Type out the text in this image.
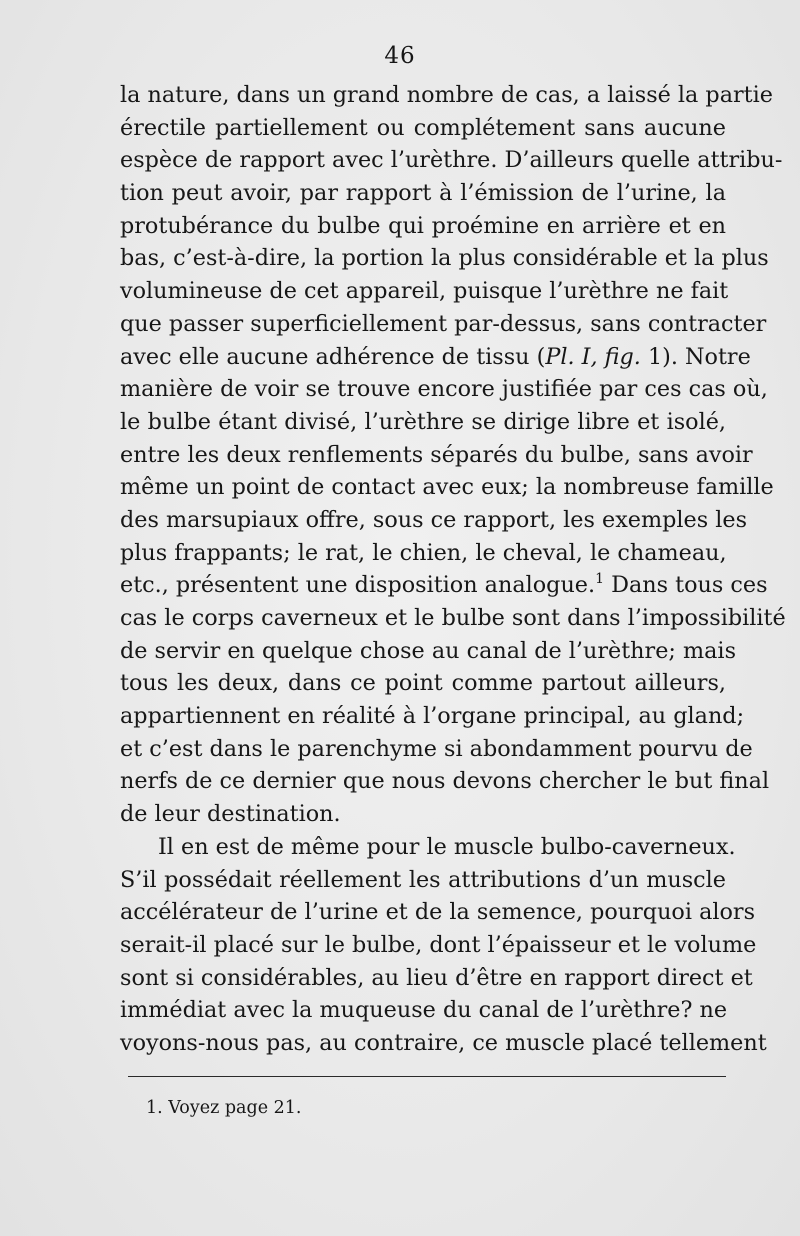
46

la nature, dans un grand nombre de cas, a laissé la partie
érectile partiellement ou complétement sans aucune
espèce de rapport avec l’urèthre. D’ailleurs quelle attribu-
tion peut avoir, par rapport à l’émission de l’urine, la
protubérance du bulbe qui proémine en arrière et en
bas, c’est-à-dire, la portion la plus considérable et la plus
volumineuse de cet appareil, puisque l’urèthre ne fait
que passer superficiellement par-dessus, sans contracter
avec elle aucune adhérence de tissu (Pl. I, fig. 1). Notre
manière de voir se trouve encore justifiée par ces cas où,
le bulbe étant divisé, l’urèthre se dirige libre et isolé,
entre les deux renflements séparés du bulbe, sans avoir
même un point de contact avec eux; la nombreuse famille
des marsupiaux offre, sous ce rapport, les exemples les
plus frappants; le rat, le chien, le cheval, le chameau,
etc., présentent une disposition analogue.$^1$ Dans tous ces
cas le corps caverneux et le bulbe sont dans l’impossibilité
de servir en quelque chose au canal de l’urèthre; mais
tous les deux, dans ce point comme partout ailleurs,
appartiennent en réalité à l’organe principal, au gland;
et c’est dans le parenchyme si abondamment pourvu de
nerfs de ce dernier que nous devons chercher le but final
de leur destination.

Il en est de même pour le muscle bulbo-caverneux.
S’il possédait réellement les attributions d’un muscle
accélérateur de l’urine et de la semence, pourquoi alors
serait-il placé sur le bulbe, dont l’épaisseur et le volume
sont si considérables, au lieu d’être en rapport direct et
immédiat avec la muqueuse du canal de l’urèthre? ne
voyons-nous pas, au contraire, ce muscle placé tellement

1. Voyez page 21.
